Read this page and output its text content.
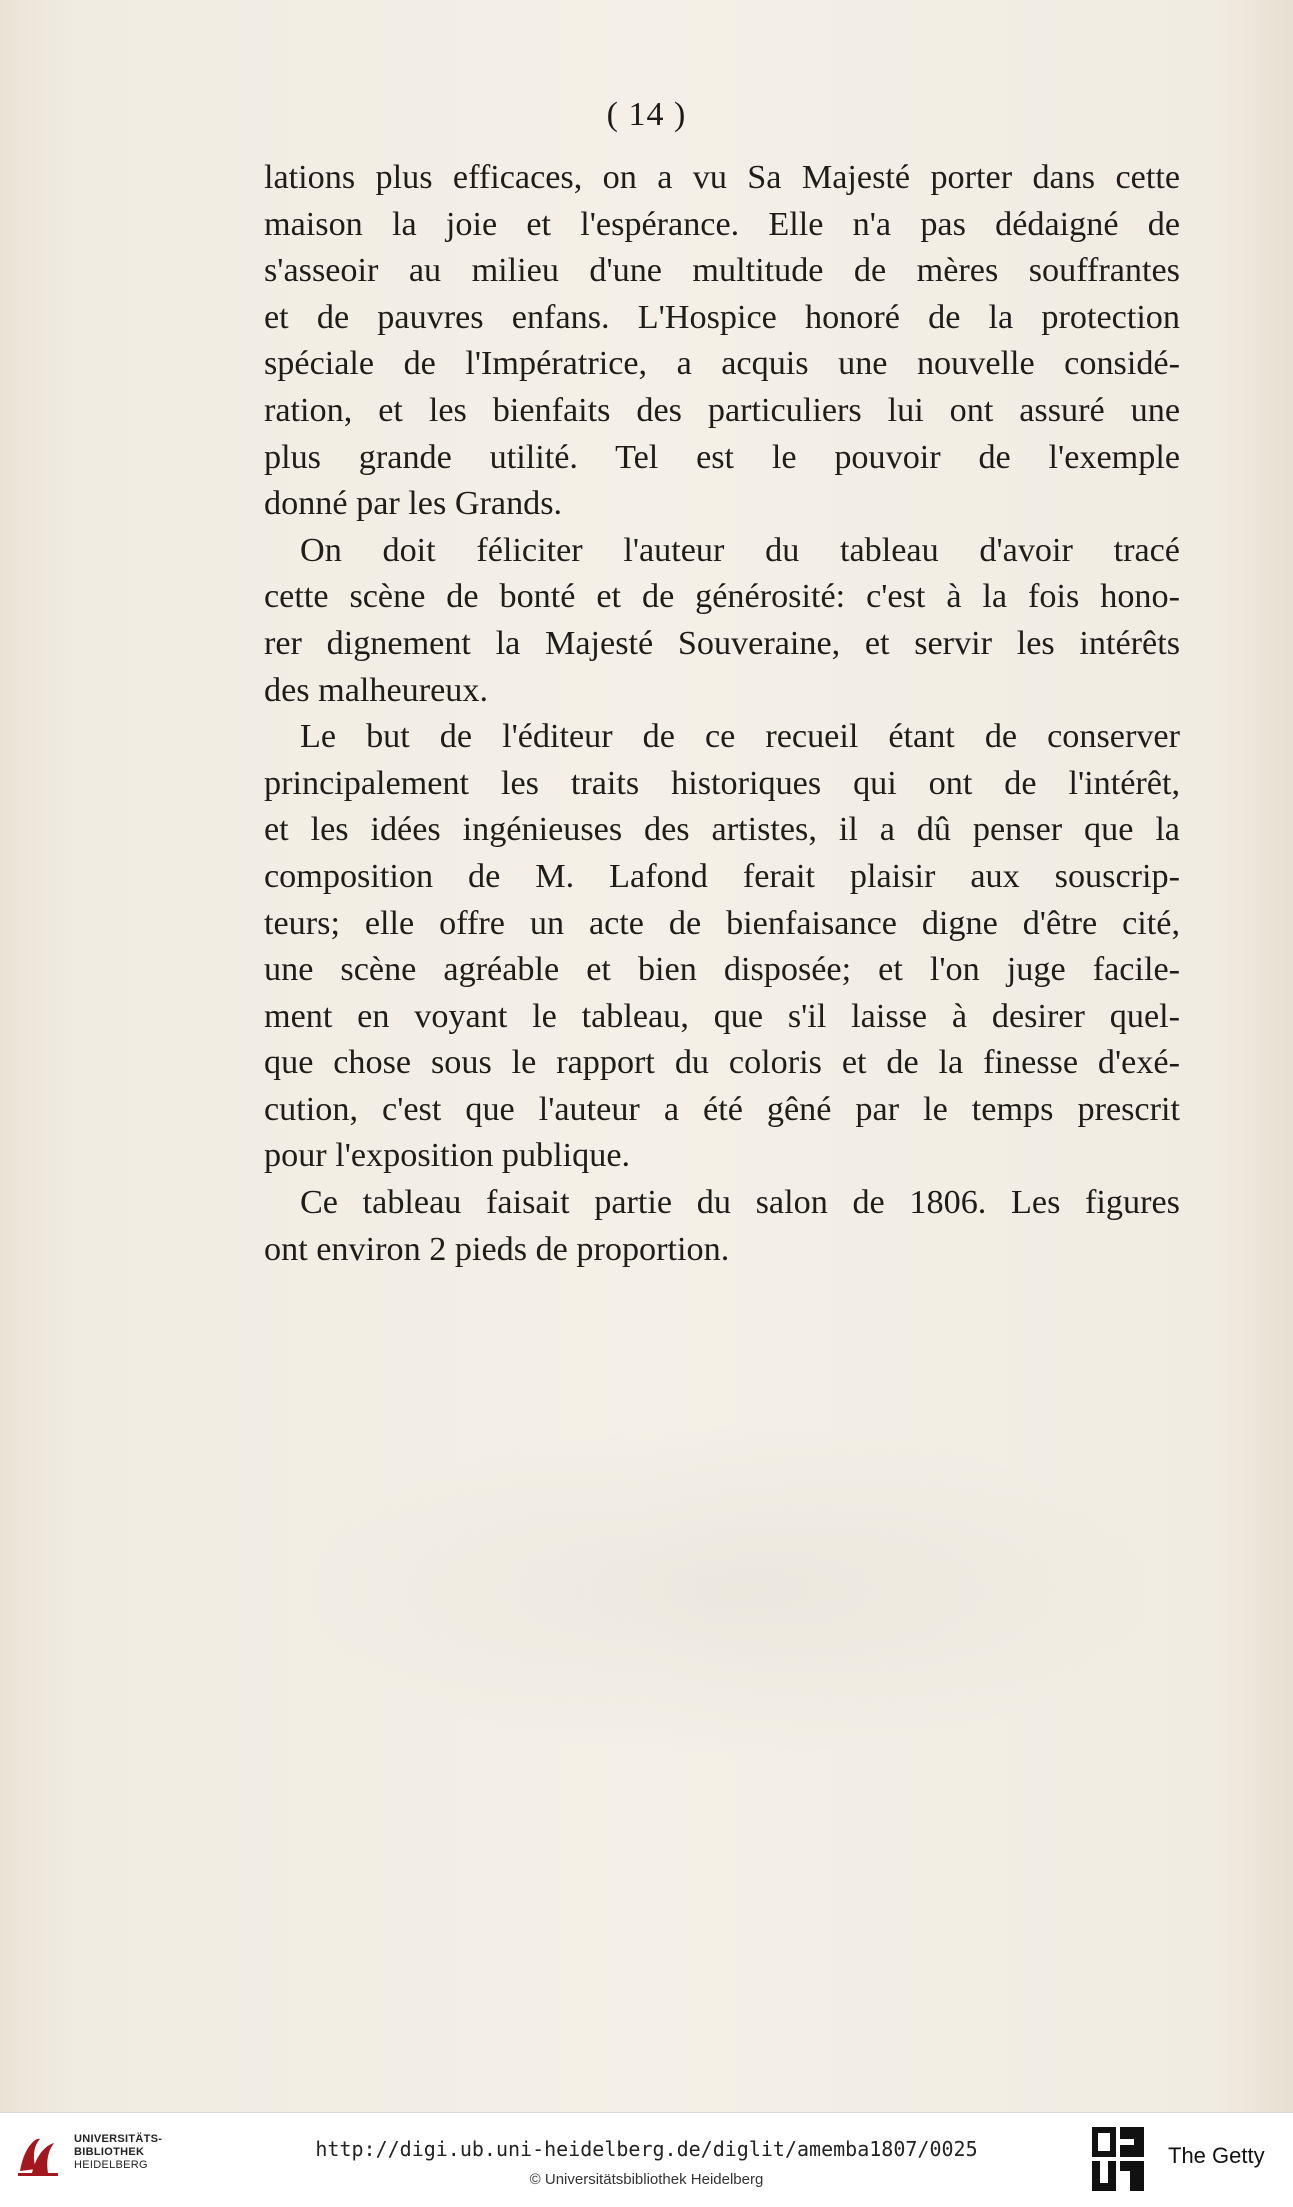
( 14 )

lations plus efficaces, on a vu Sa Majesté porter dans cette
maison la joie et l'espérance. Elle n'a pas dédaigné de
s'asseoir au milieu d'une multitude de mères souffrantes
et de pauvres enfans. L'Hospice honoré de la protection
spéciale de l'Impératrice, a acquis une nouvelle considé-
ration, et les bienfaits des particuliers lui ont assuré une
plus grande utilité. Tel est le pouvoir de l'exemple
donné par les Grands.

On doit féliciter l'auteur du tableau d'avoir tracé
cette scène de bonté et de générosité: c'est à la fois hono-
rer dignement la Majesté Souveraine, et servir les intérêts
des malheureux.

Le but de l'éditeur de ce recueil étant de conserver
principalement les traits historiques qui ont de l'intérêt,
et les idées ingénieuses des artistes, il a dû penser que la
composition de M. Lafond ferait plaisir aux souscrip-
teurs; elle offre un acte de bienfaisance digne d'être cité,
une scène agréable et bien disposée; et l'on juge facile-
ment en voyant le tableau, que s'il laisse à desirer quel-
que chose sous le rapport du coloris et de la finesse d'exé-
cution, c'est que l'auteur a été gêné par le temps prescrit
pour l'exposition publique.

Ce tableau faisait partie du salon de 1806. Les figures
ont environ 2 pieds de proportion.

UNIVERSITÄTS-
BIBLIOTHEK
HEIDELBERG
http://digi.ub.uni-heidelberg.de/diglit/amemba1807/0025
© Universitätsbibliothek Heidelberg
The Getty
